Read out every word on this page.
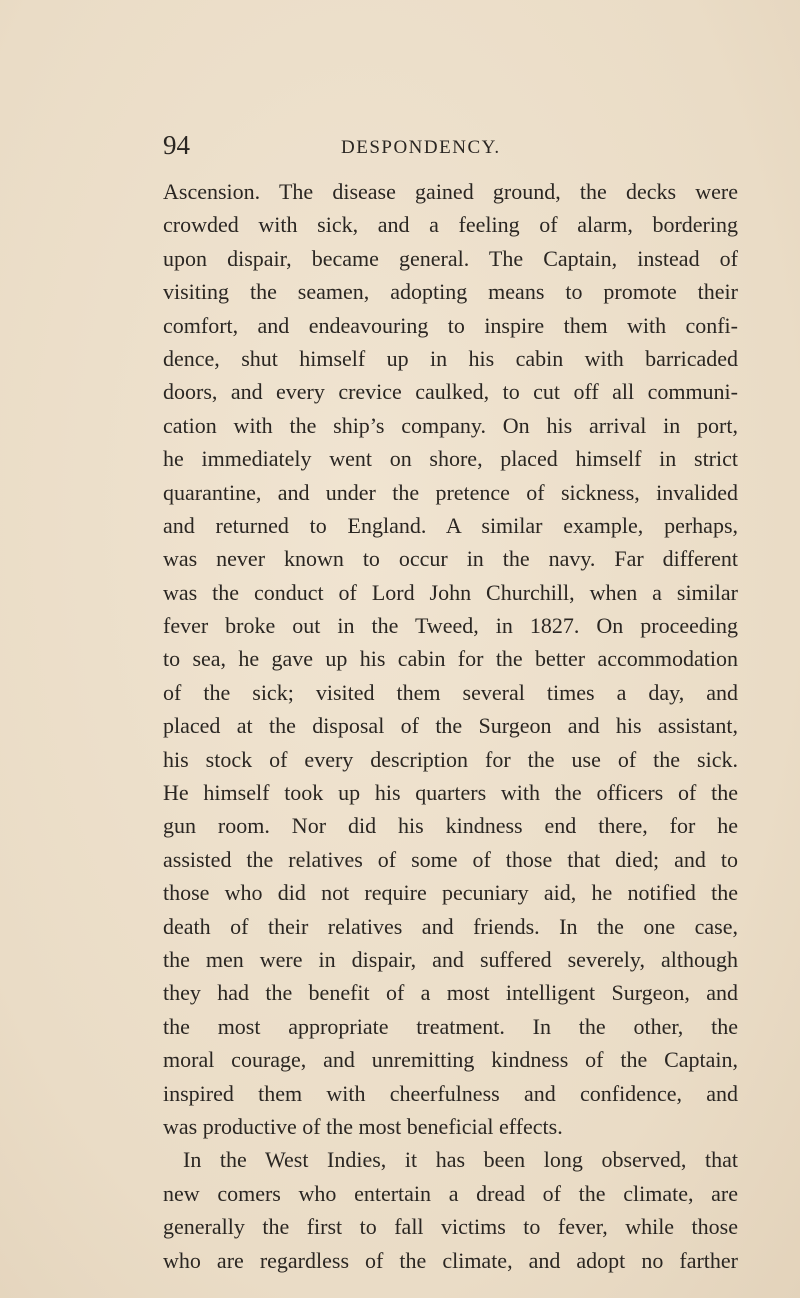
94	DESPONDENCY.
Ascension. The disease gained ground, the decks were
crowded with sick, and a feeling of alarm, bordering
upon dispair, became general. The Captain, instead of
visiting the seamen, adopting means to promote their
comfort, and endeavouring to inspire them with confi-
dence, shut himself up in his cabin with barricaded
doors, and every crevice caulked, to cut off all communi-
cation with the ship’s company. On his arrival in port,
he immediately went on shore, placed himself in strict
quarantine, and under the pretence of sickness, invalided
and returned to England. A similar example, perhaps,
was never known to occur in the navy. Far different
was the conduct of Lord John Churchill, when a similar
fever broke out in the Tweed, in 1827. On proceeding
to sea, he gave up his cabin for the better accommodation
of the sick; visited them several times a day, and
placed at the disposal of the Surgeon and his assistant,
his stock of every description for the use of the sick.
He himself took up his quarters with the officers of the
gun room. Nor did his kindness end there, for he
assisted the relatives of some of those that died; and to
those who did not require pecuniary aid, he notified the
death of their relatives and friends. In the one case,
the men were in dispair, and suffered severely, although
they had the benefit of a most intelligent Surgeon, and
the most appropriate treatment. In the other, the
moral courage, and unremitting kindness of the Captain,
inspired them with cheerfulness and confidence, and
was productive of the most beneficial effects.
In the West Indies, it has been long observed, that
new comers who entertain a dread of the climate, are
generally the first to fall victims to fever, while those
who are regardless of the climate, and adopt no farther
